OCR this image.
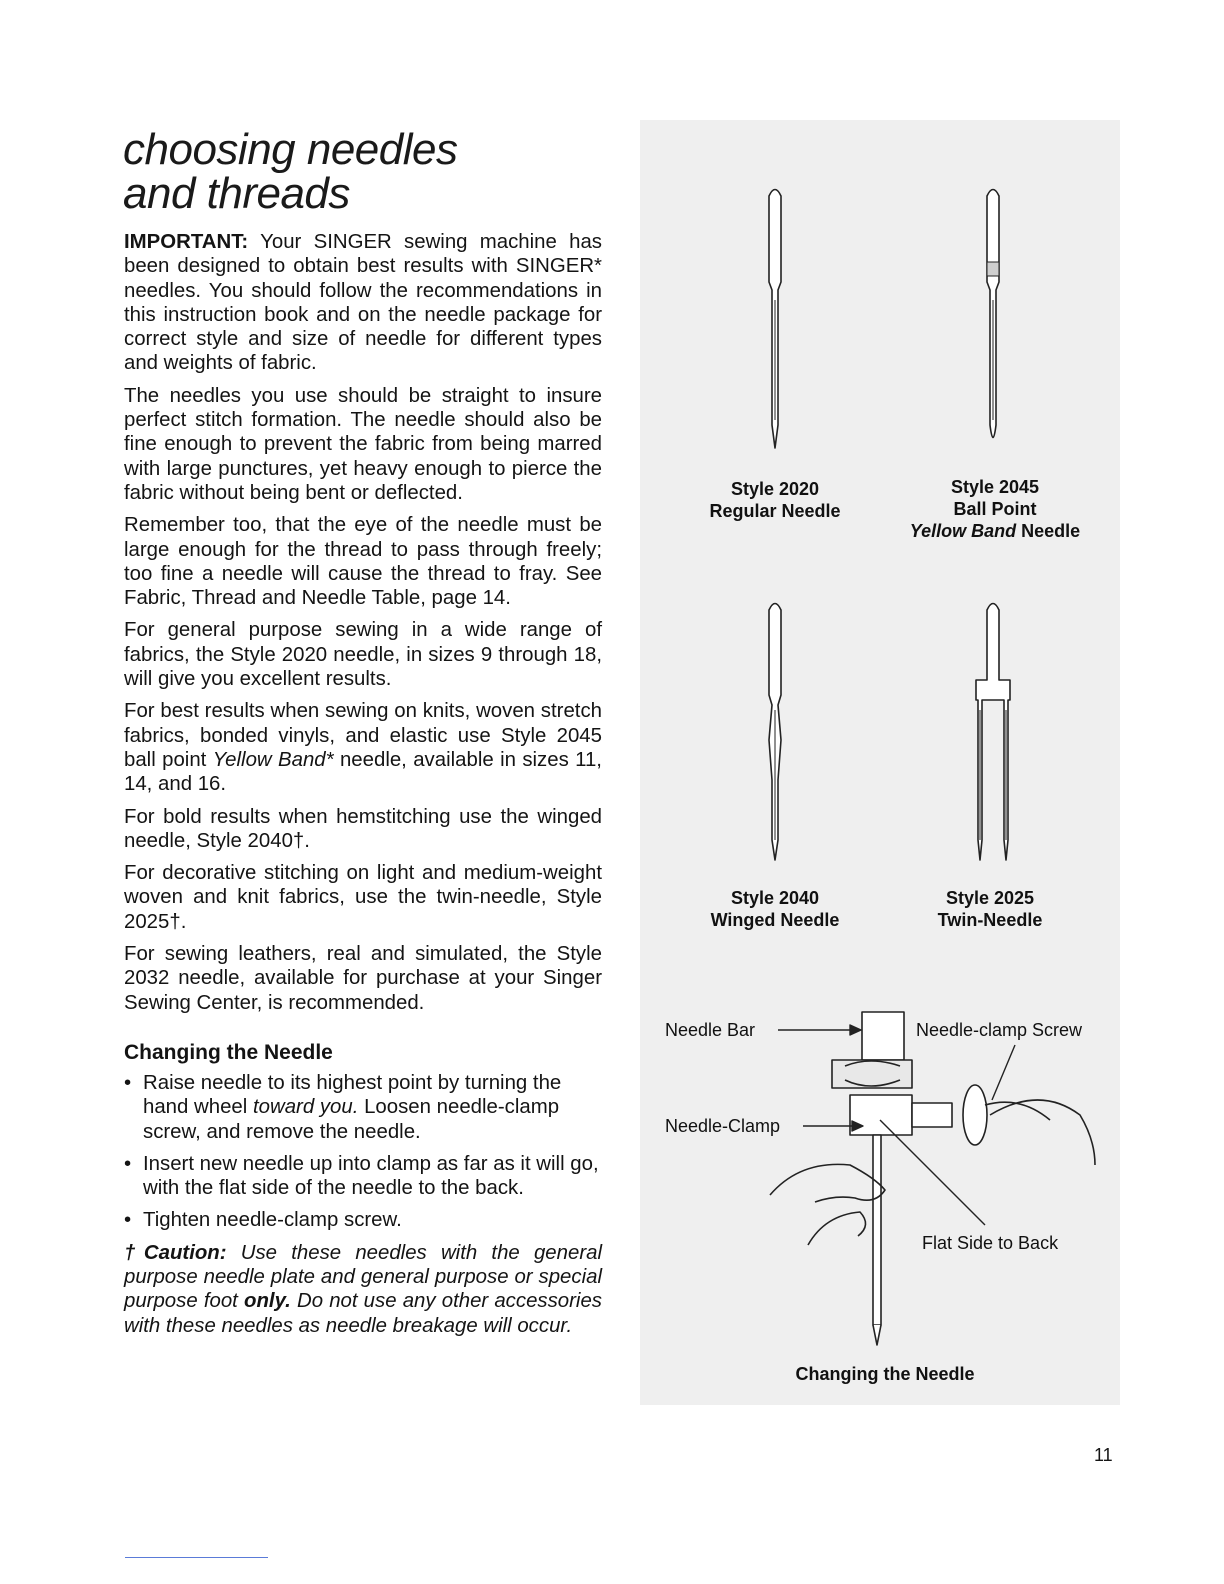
choosing needles
and threads

IMPORTANT: Your SINGER sewing machine has been designed to obtain best results with SINGER* needles. You should follow the recommendations in this instruction book and on the needle package for correct style and size of needle for different types and weights of fabric.

The needles you use should be straight to insure perfect stitch formation. The needle should also be fine enough to prevent the fabric from being marred with large punctures, yet heavy enough to pierce the fabric without being bent or deflected.

Remember too, that the eye of the needle must be large enough for the thread to pass through freely; too fine a needle will cause the thread to fray. See Fabric, Thread and Needle Table, page 14.

For general purpose sewing in a wide range of fabrics, the Style 2020 needle, in sizes 9 through 18, will give you excellent results.

For best results when sewing on knits, woven stretch fabrics, bonded vinyls, and elastic use Style 2045 ball point Yellow Band* needle, available in sizes 11, 14, and 16.

For bold results when hemstitching use the winged needle, Style 2040†.

For decorative stitching on light and medium-weight woven and knit fabrics, use the twin-needle, Style 2025†.

For sewing leathers, real and simulated, the Style 2032 needle, available for purchase at your Singer Sewing Center, is recommended.

Changing the Needle
• Raise needle to its highest point by turning the hand wheel toward you. Loosen needle-clamp screw, and remove the needle.
• Insert new needle up into clamp as far as it will go, with the flat side of the needle to the back.
• Tighten needle-clamp screw.

†Caution: Use these needles with the general purpose needle plate and general purpose or special purpose foot only. Do not use any other accessories with these needles as needle breakage will occur.

Style 2020
Regular Needle
Style 2045
Ball Point
Yellow Band Needle
Style 2040
Winged Needle
Style 2025
Twin-Needle
Needle Bar	Needle-clamp Screw
Needle-Clamp
Flat Side to Back
Changing the Needle
11
